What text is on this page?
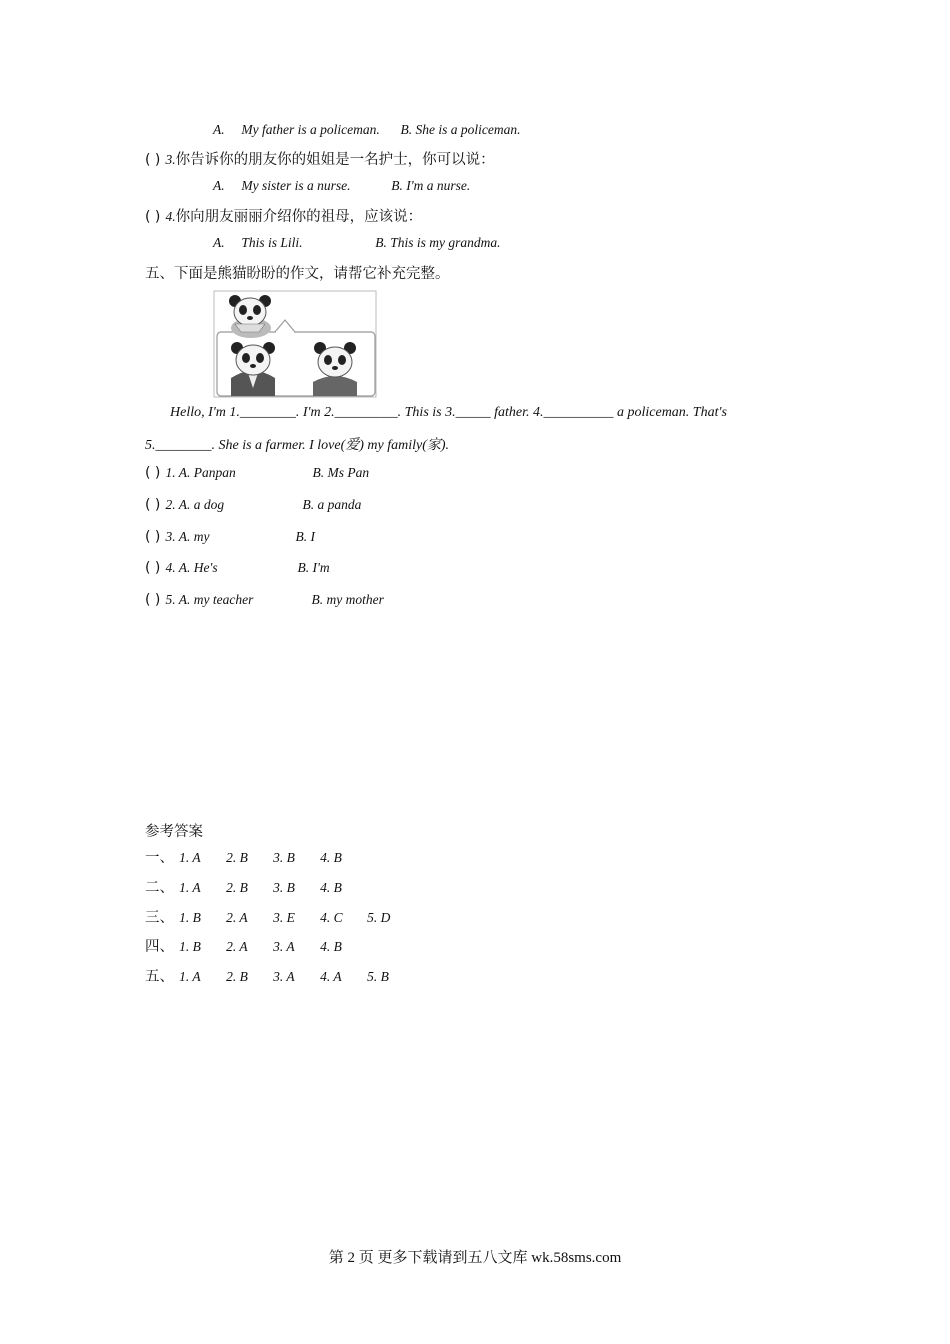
A. My father is a policeman. B. She is a policeman.
( ) 3.你告诉你的朋友你的姐姐是一名护士，你可以说：
A. My sister is a nurse.	B. I'm a nurse.
( ) 4.你向朋友丽丽介绍你的祖母，应该说：
A. This is Lili.	B. This is my grandma.
五、下面是熊猫盼盼的作文，请帮它补充完整。
Hello, I'm 1.________. I'm 2._________. This is 3._____ father. 4.__________ a policeman. That's
5.________. She is a farmer. I love(爱) my family(家).
( ) 1. A. Panpan	B. Ms Pan
( ) 2. A. a dog	B. a panda
( ) 3. A. my	B. I
( ) 4. A. He's	B. I'm
( ) 5. A. my teacher	B. my mother
参考答案
一、 1. A 2. B 3. B 4. B
二、 1. A 2. B 3. B 4. B
三、 1. B 2. A 3. E 4. C 5. D
四、 1. B 2. A 3. A 4. B
五、 1. A 2. B 3. A 4. A 5. B
第 2 页 更多下载请到五八文库 wk.58sms.com
